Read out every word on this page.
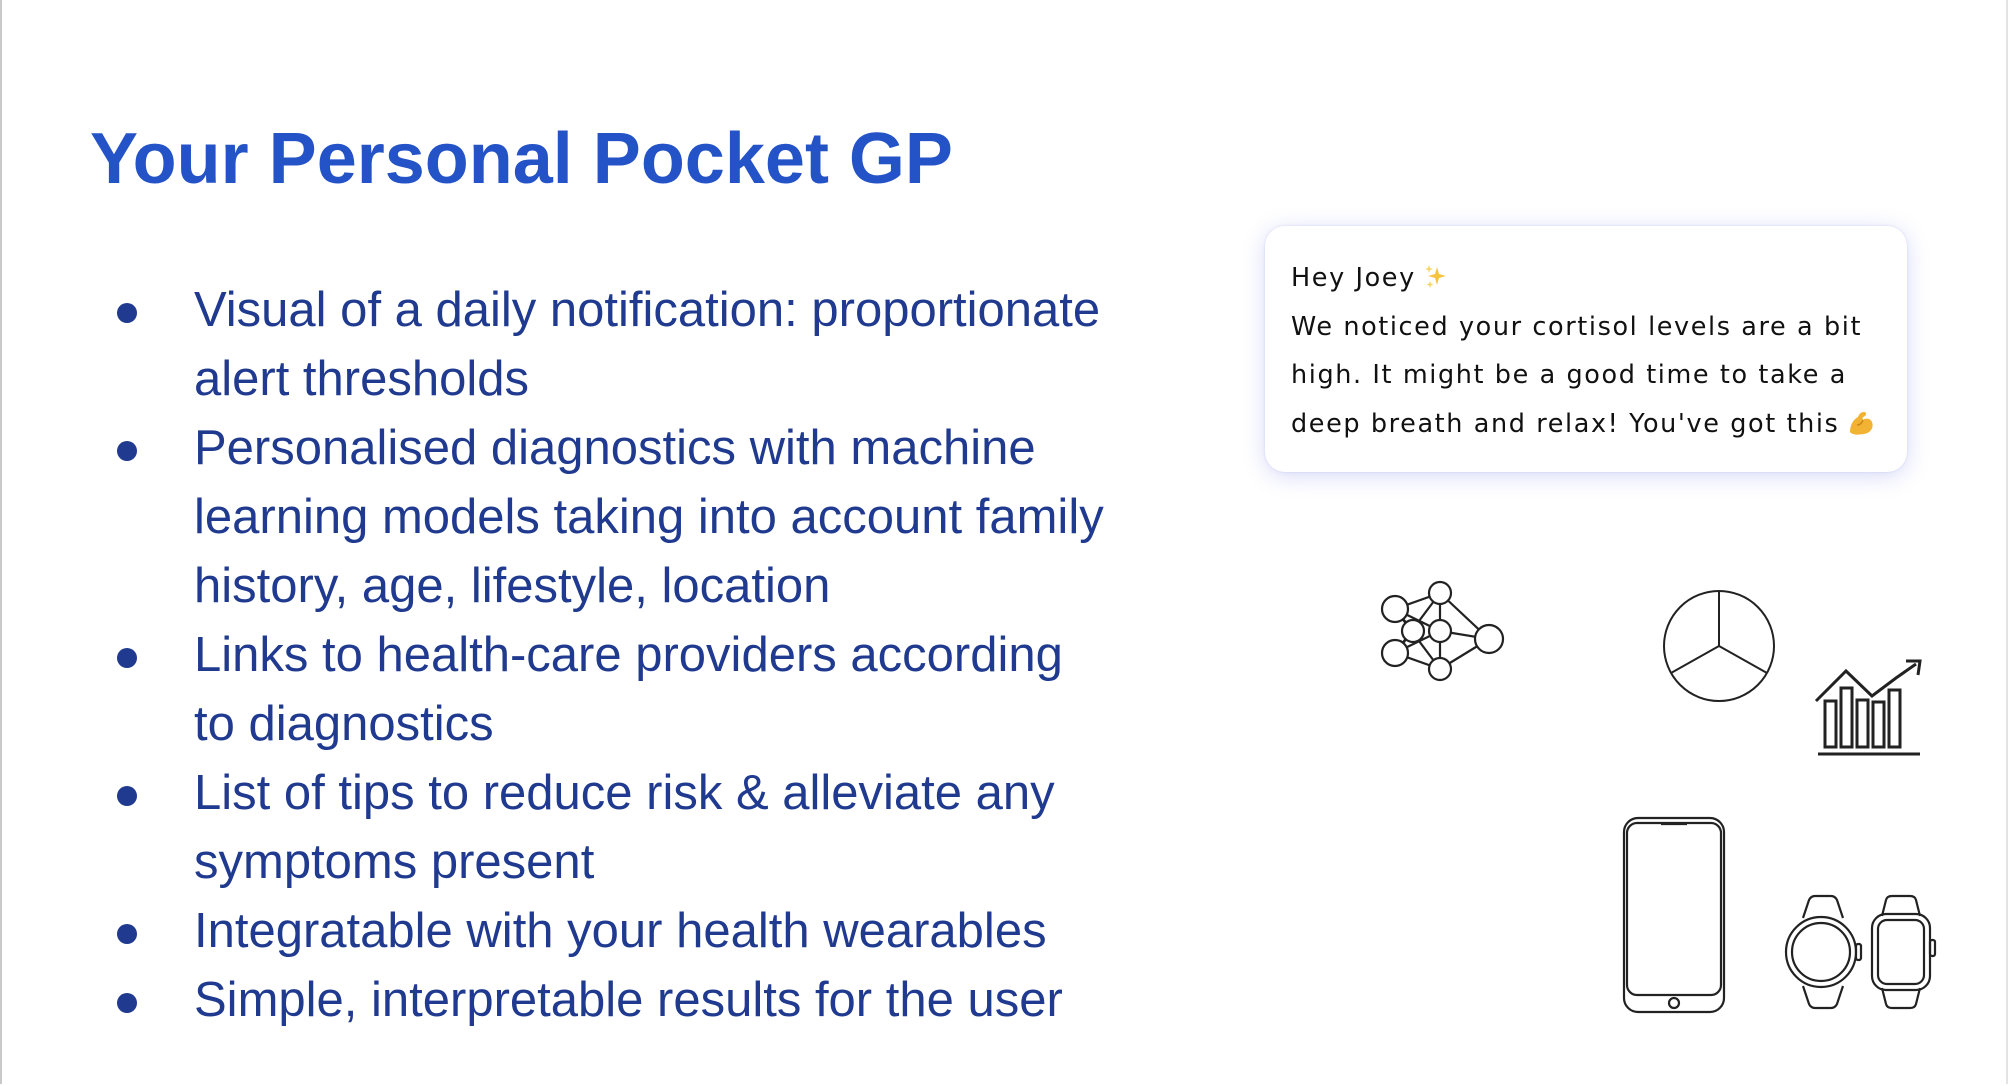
Your Personal Pocket GP
Visual of a daily notification: proportionate
alert thresholds
Personalised diagnostics with machine
learning models taking into account family
history, age, lifestyle, location
Links to health-care providers according
to diagnostics
List of tips to reduce risk & alleviate any
symptoms present
Integratable with your health wearables
Simple, interpretable results for the user
Hey Joey
We noticed your cortisol levels are a bit
high. It might be a good time to take a
deep breath and relax! You've got this
